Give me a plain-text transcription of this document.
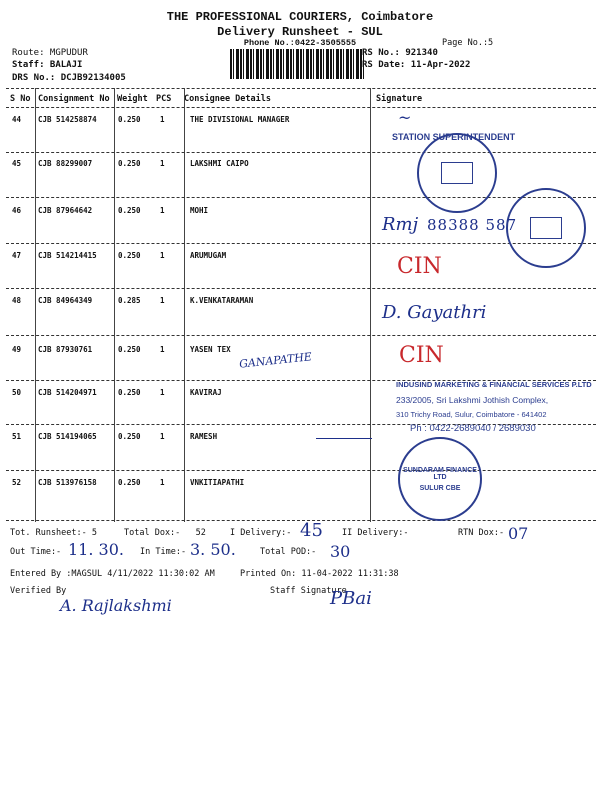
THE PROFESSIONAL COURIERS, Coimbatore
Delivery Runsheet - SUL
Phone No.:0422-3505555	Page No.:5
Route: MGPUDUR
Staff: BALAJI
DRS No.: DCJB92134005
RS No.: 921340
RS Date: 11-Apr-2022
S No Consignment No Weight PCS Consignee Details	Signature
44 CJB 514258874	0.250	1	THE DIVISIONAL MANAGER
45 CJB 88299007	0.250	1	LAKSHMI CAIPO
46 CJB 87964642	0.250	1	MOHI
47 CJB 514214415	0.250	1	ARUMUGAM
48 CJB 84964349	0.285	1	K.VENKATARAMAN
49 CJB 87930761	0.250	1	YASEN TEX
50 CJB 514204971	0.250	1	KAVIRAJ
51 CJB 514194065	0.250	1	RAMESH
52 CJB 513976158	0.250	1	VNKITIAPATHI
STATION SUPERINTENDENT
~
Rmj 88388 587
CIN
D. Gayathri
CIN
GANAPATHE
INDUSIND MARKETING & FINANCIAL SERVICES P.LTD
233/2005, Sri Lakshmi Jothish Complex,
310 Trichy Road, Sulur, Coimbatore - 641402
Ph : 0422-2689040 / 2689030
SUNDARAM FINANCE LTD
SULUR CBE
Tot. Runsheet:- 5	Total Dox:-   52	I Delivery:- 45 II Delivery:-	RTN Dox:- 07
Out Time:- 11. 30. In Time:- 3. 50.	Total POD:- 30
Entered By :MAGSUL 4/11/2022 11:30:02 AM	Printed On: 11-04-2022 11:31:38
Verified By
A. Rajlakshmi
Staff Signature
PBai
